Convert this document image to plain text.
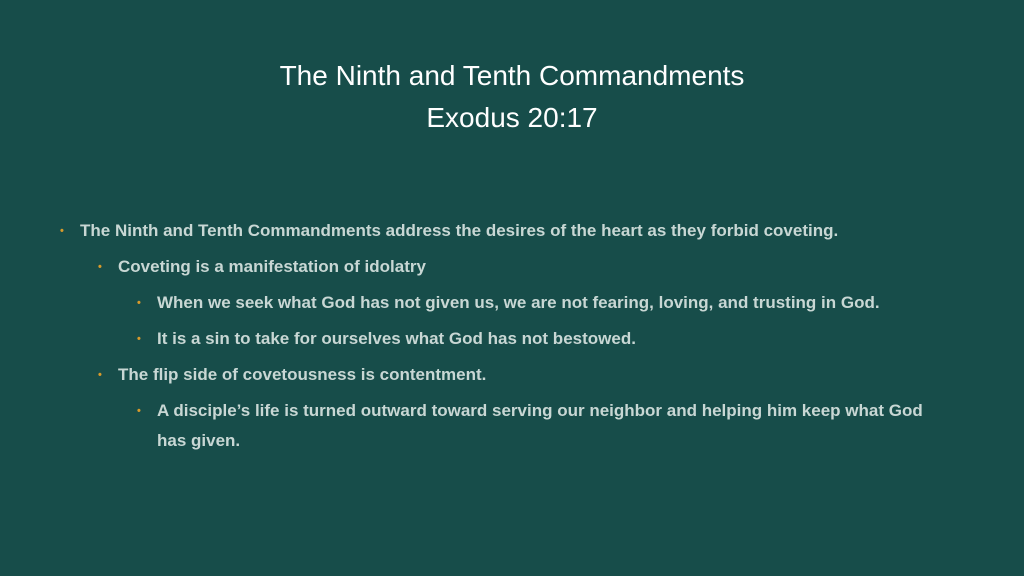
The Ninth and Tenth Commandments
Exodus 20:17
• The Ninth and Tenth Commandments address the desires of the heart as they forbid coveting.
• Coveting is a manifestation of idolatry
• When we seek what God has not given us, we are not fearing, loving, and trusting in God.
• It is a sin to take for ourselves what God has not bestowed.
• The flip side of covetousness is contentment.
• A disciple’s life is turned outward toward serving our neighbor and helping him keep what God has given.
